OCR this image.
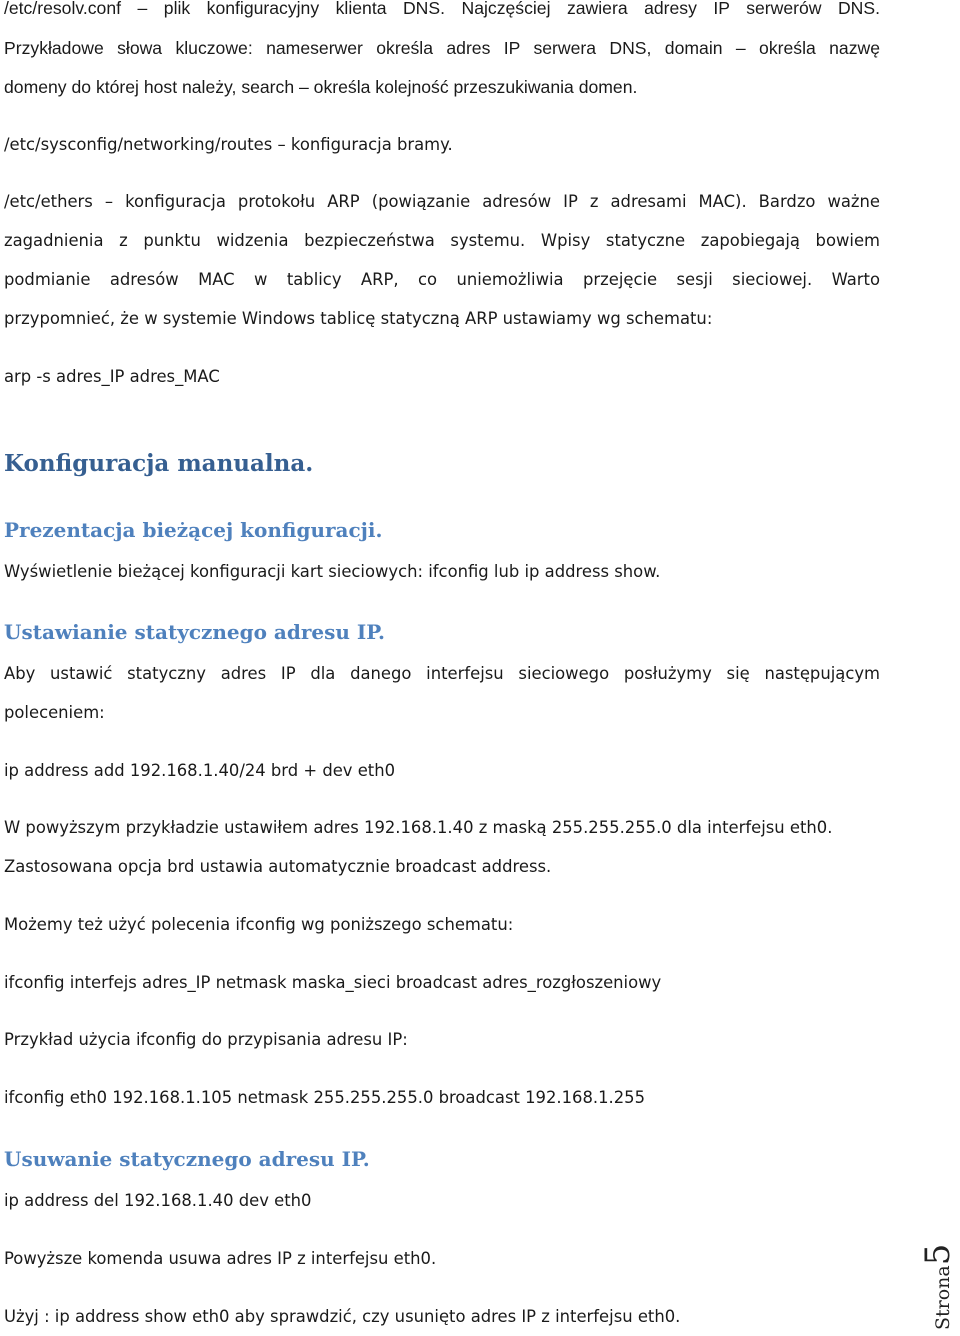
/etc/resolv.conf – plik konfiguracyjny klienta DNS. Najczęściej zawiera adresy IP serwerów DNS.
Przykładowe słowa kluczowe: nameserwer określa adres IP serwera DNS, domain – określa nazwę
domeny do której host należy, search – określa kolejność przeszukiwania domen.
/etc/sysconfig/networking/routes – konfiguracja bramy.
/etc/ethers – konfiguracja protokołu ARP (powiązanie adresów IP z adresami MAC). Bardzo ważne
zagadnienia z punktu widzenia bezpieczeństwa systemu. Wpisy statyczne zapobiegają bowiem
podmianie adresów MAC w tablicy ARP, co uniemożliwia przejęcie sesji sieciowej. Warto
przypomnieć, że w systemie Windows tablicę statyczną ARP ustawiamy wg schematu:
arp -s adres_IP adres_MAC
Konfiguracja manualna.
Prezentacja bieżącej konfiguracji.
Wyświetlenie bieżącej konfiguracji kart sieciowych: ifconfig lub ip address show.
Ustawianie statycznego adresu IP.
Aby ustawić statyczny adres IP dla danego interfejsu sieciowego posłużymy się następującym
poleceniem:
ip address add 192.168.1.40/24 brd + dev eth0
W powyższym przykładzie ustawiłem adres 192.168.1.40 z maską 255.255.255.0 dla interfejsu eth0.
Zastosowana opcja brd ustawia automatycznie broadcast address.
Możemy też użyć polecenia ifconfig wg poniższego schematu:
ifconfig interfejs adres_IP netmask maska_sieci broadcast adres_rozgłoszeniowy
Przykład użycia ifconfig do przypisania adresu IP:
ifconfig eth0 192.168.1.105 netmask 255.255.255.0 broadcast 192.168.1.255
Usuwanie statycznego adresu IP.
ip address del 192.168.1.40 dev eth0
Powyższe komenda usuwa adres IP z interfejsu eth0.
Użyj : ip address show eth0 aby sprawdzić, czy usunięto adres IP z interfejsu eth0.	Strona5
